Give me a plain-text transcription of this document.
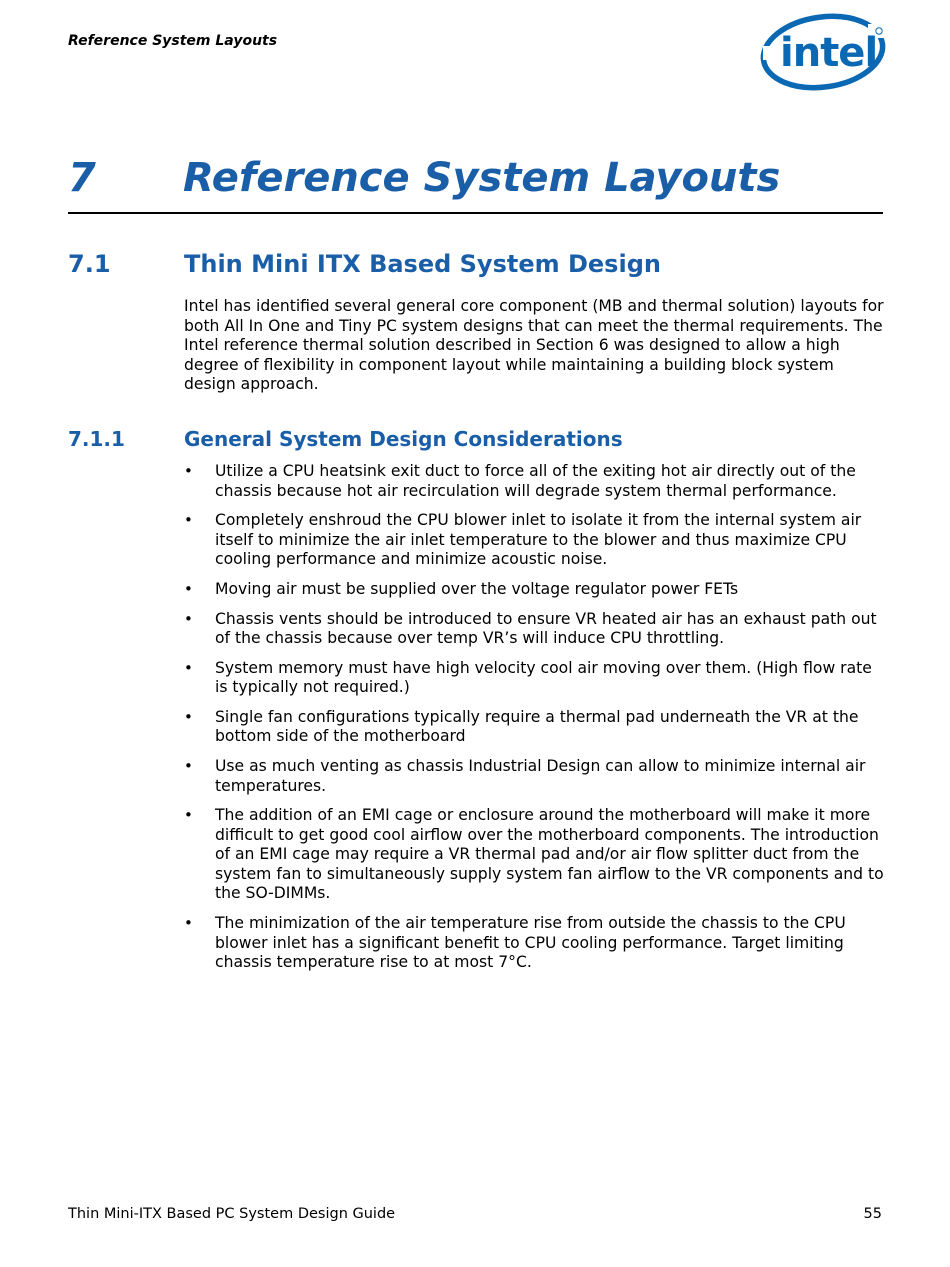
Reference System Layouts	intel
7 Reference System Layouts
7.1	Thin Mini ITX Based System Design

Intel has identified several general core component (MB and thermal solution) layouts for both All In One and Tiny PC system designs that can meet the thermal requirements. The Intel reference thermal solution described in Section 6 was designed to allow a high degree of flexibility in component layout while maintaining a building block system design approach.

7.1.1	General System Design Considerations
• Utilize a CPU heatsink exit duct to force all of the exiting hot air directly out of the chassis because hot air recirculation will degrade system thermal performance.
• Completely enshroud the CPU blower inlet to isolate it from the internal system air itself to minimize the air inlet temperature to the blower and thus maximize CPU cooling performance and minimize acoustic noise.
• Moving air must be supplied over the voltage regulator power FETs
• Chassis vents should be introduced to ensure VR heated air has an exhaust path out of the chassis because over temp VR’s will induce CPU throttling.
• System memory must have high velocity cool air moving over them. (High flow rate is typically not required.)
• Single fan configurations typically require a thermal pad underneath the VR at the bottom side of the motherboard
• Use as much venting as chassis Industrial Design can allow to minimize internal air temperatures.
• The addition of an EMI cage or enclosure around the motherboard will make it more difficult to get good cool airflow over the motherboard components. The introduction of an EMI cage may require a VR thermal pad and/or air flow splitter duct from the system fan to simultaneously supply system fan airflow to the VR components and to the SO-DIMMs.
• The minimization of the air temperature rise from outside the chassis to the CPU blower inlet has a significant benefit to CPU cooling performance. Target limiting chassis temperature rise to at most 7°C.
Thin Mini-ITX Based PC System Design Guide	55
